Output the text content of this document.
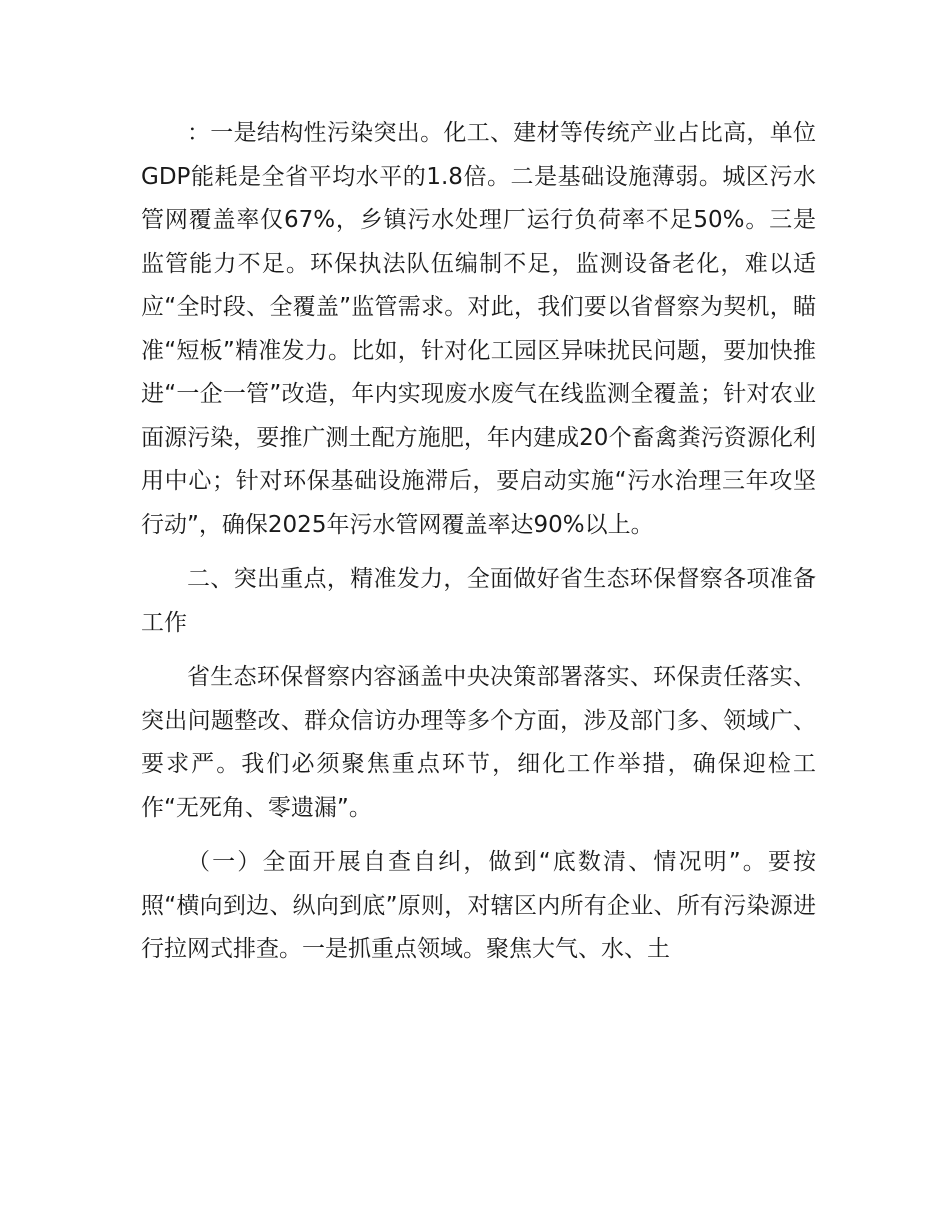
：一是结构性污染突出。化工、建材等传统产业占比高，单位GDP能耗是全省平均水平的1.8倍。二是基础设施薄弱。城区污水管网覆盖率仅67%，乡镇污水处理厂运行负荷率不足50%。三是监管能力不足。环保执法队伍编制不足，监测设备老化，难以适应“全时段、全覆盖”监管需求。对此，我们要以省督察为契机，瞄准“短板”精准发力。比如，针对化工园区异味扰民问题，要加快推进“一企一管”改造，年内实现废水废气在线监测全覆盖；针对农业面源污染，要推广测土配方施肥，年内建成20个畜禽粪污资源化利用中心；针对环保基础设施滞后，要启动实施“污水治理三年攻坚行动”，确保2025年污水管网覆盖率达90%以上。

二、突出重点，精准发力，全面做好省生态环保督察各项准备工作

省生态环保督察内容涵盖中央决策部署落实、环保责任落实、突出问题整改、群众信访办理等多个方面，涉及部门多、领域广、要求严。我们必须聚焦重点环节，细化工作举措，确保迎检工作“无死角、零遗漏”。

（一）全面开展自查自纠，做到“底数清、情况明”。要按照“横向到边、纵向到底”原则，对辖区内所有企业、所有污染源进行拉网式排查。一是抓重点领域。聚焦大气、水、土
